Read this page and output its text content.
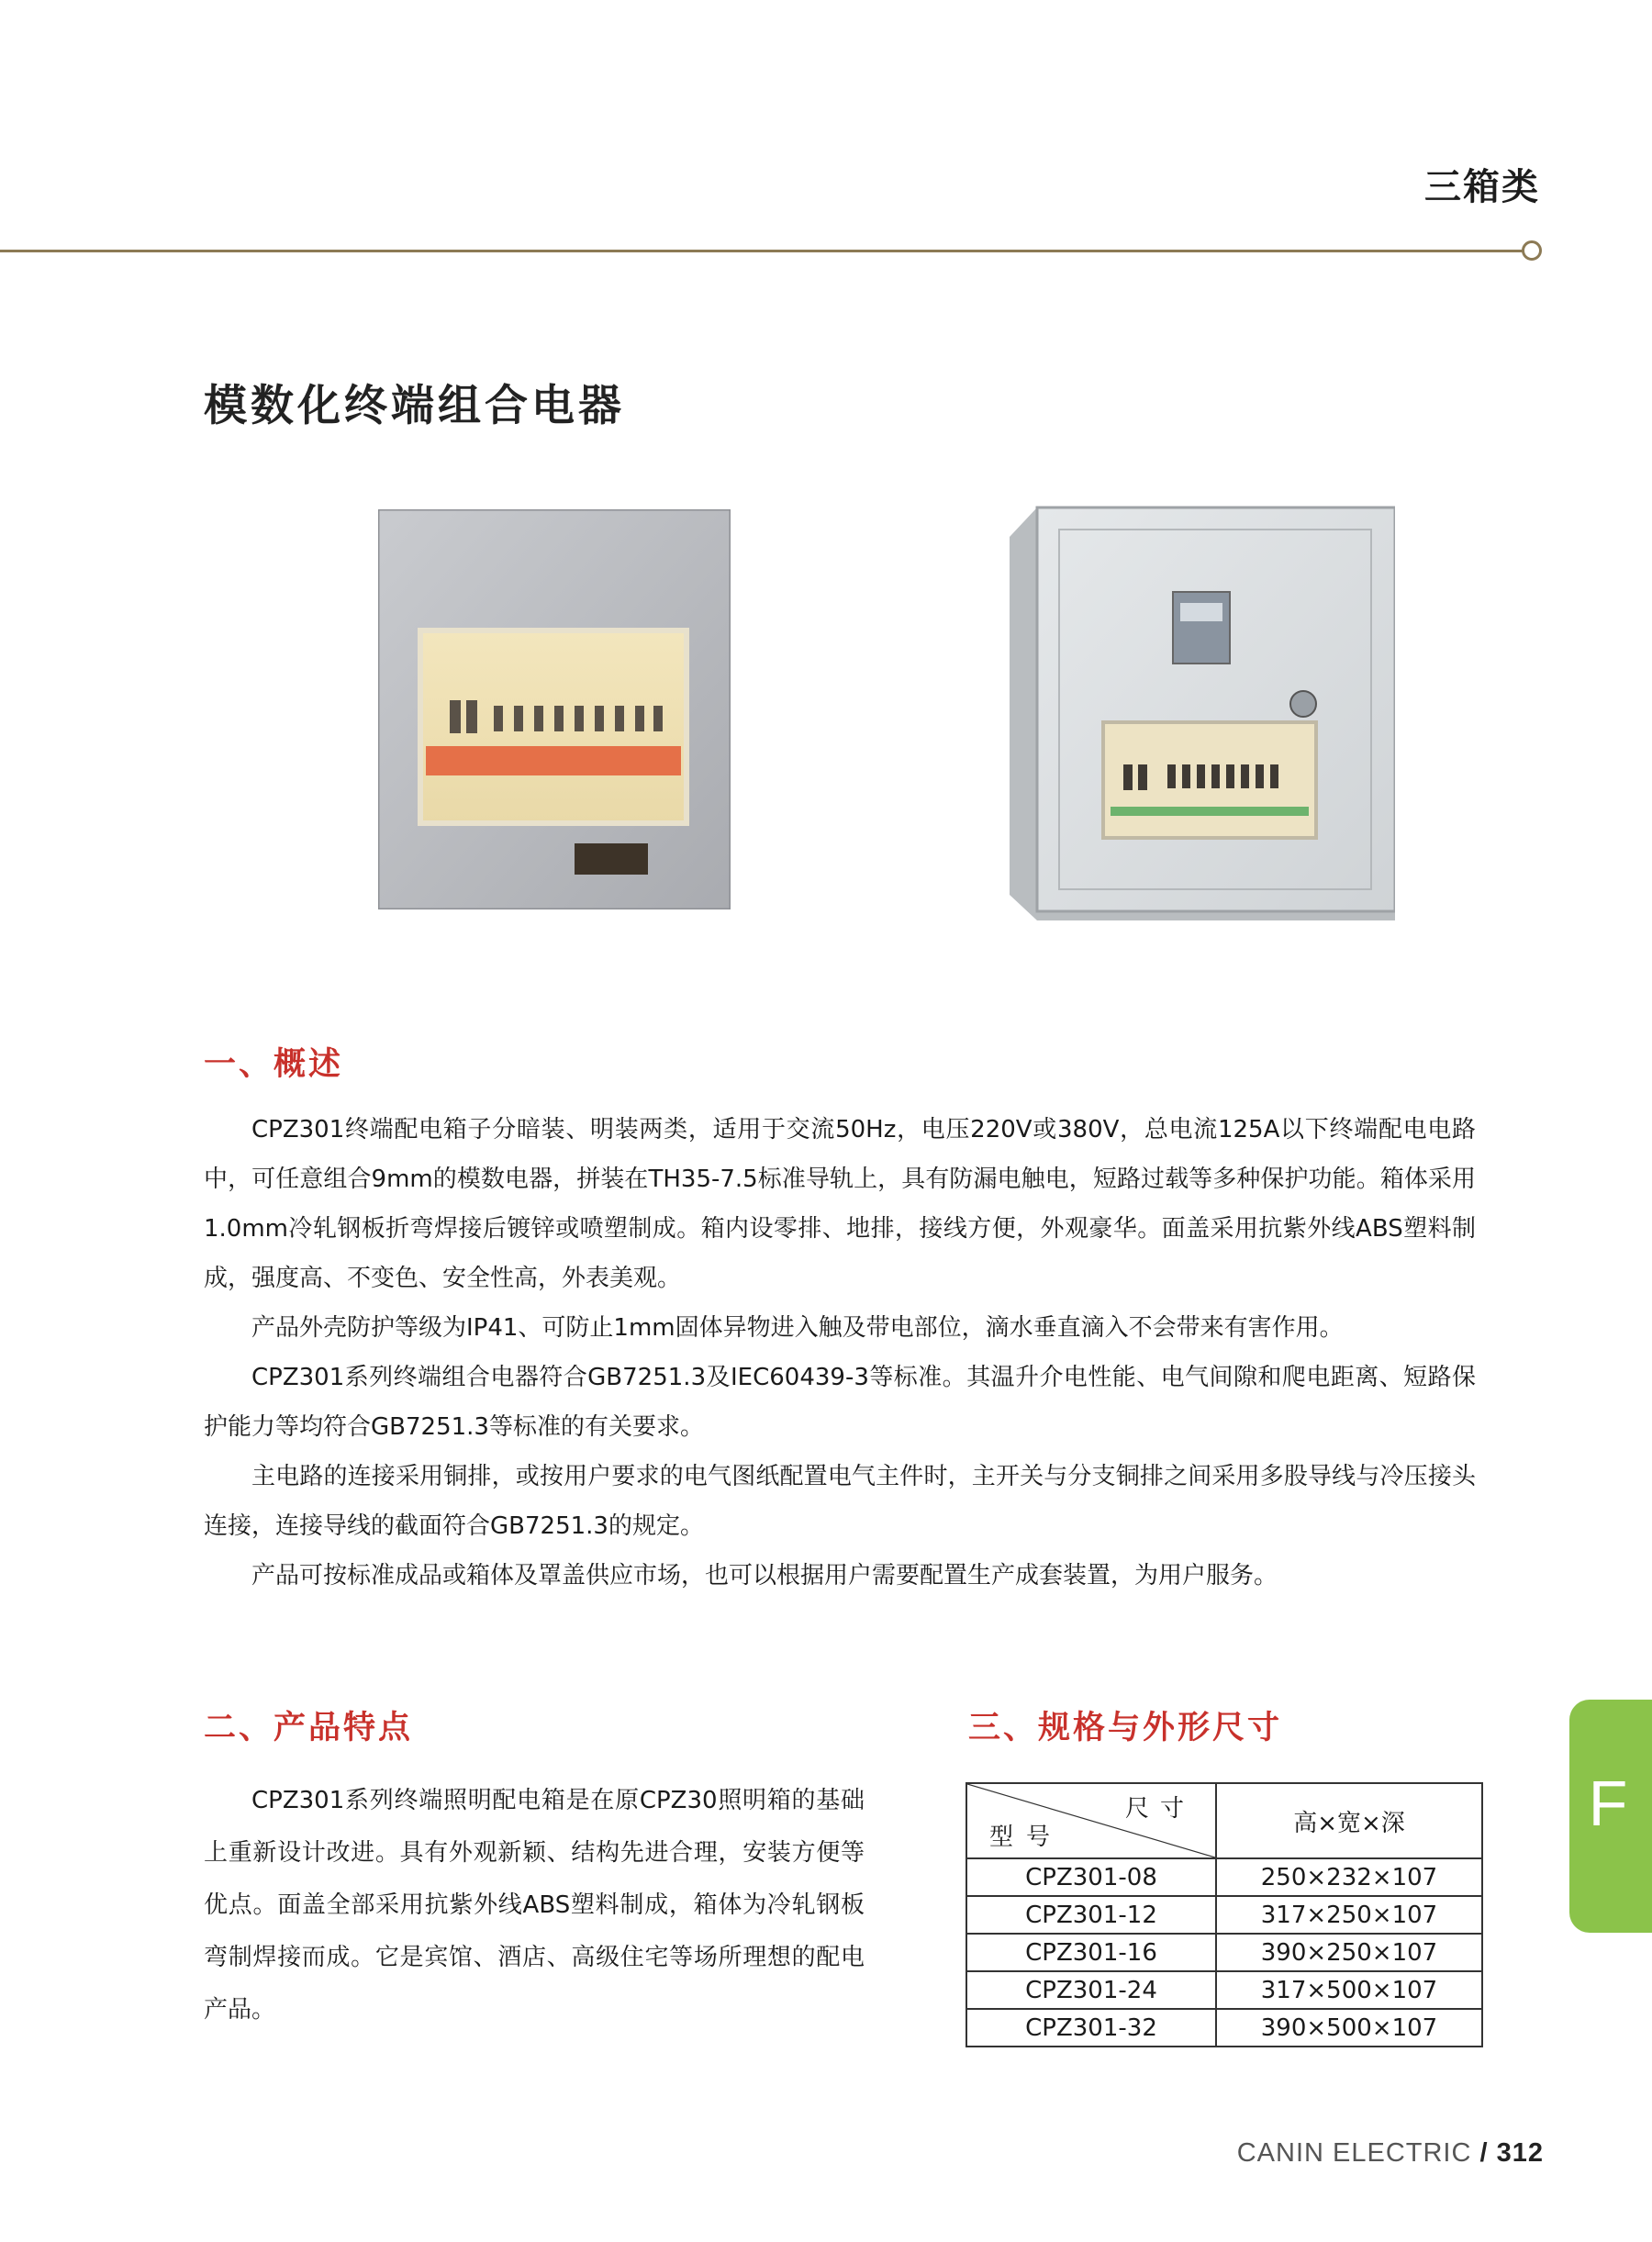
三箱类
模数化终端组合电器
一、概述

CPZ301终端配电箱子分暗装、明装两类，适用于交流50Hz，电压220V或380V，总电流125A以下终端配电电路中，可任意组合9mm的模数电器，拼装在TH35-7.5标准导轨上，具有防漏电触电，短路过载等多种保护功能。箱体采用1.0mm冷轧钢板折弯焊接后镀锌或喷塑制成。箱内设零排、地排，接线方便，外观豪华。面盖采用抗紫外线ABS塑料制成，强度高、不变色、安全性高，外表美观。

产品外壳防护等级为IP41、可防止1mm固体异物进入触及带电部位，滴水垂直滴入不会带来有害作用。

CPZ301系列终端组合电器符合GB7251.3及IEC60439-3等标准。其温升介电性能、电气间隙和爬电距离、短路保护能力等均符合GB7251.3等标准的有关要求。

主电路的连接采用铜排，或按用户要求的电气图纸配置电气主件时，主开关与分支铜排之间采用多股导线与冷压接头连接，连接导线的截面符合GB7251.3的规定。

产品可按标准成品或箱体及罩盖供应市场，也可以根据用户需要配置生产成套装置，为用户服务。

二、产品特点

CPZ301系列终端照明配电箱是在原CPZ30照明箱的基础上重新设计改进。具有外观新颖、结构先进合理，安装方便等优点。面盖全部采用抗紫外线ABS塑料制成，箱体为冷轧钢板弯制焊接而成。它是宾馆、酒店、高级住宅等场所理想的配电产品。

三、规格与外形尺寸
尺寸
型号	高×宽×深
CPZ301-08	250×232×107
CPZ301-12	317×250×107
CPZ301-16	390×250×107
CPZ301-24	317×500×107
CPZ301-32	390×500×107
F
CANIN ELECTRIC / 312
